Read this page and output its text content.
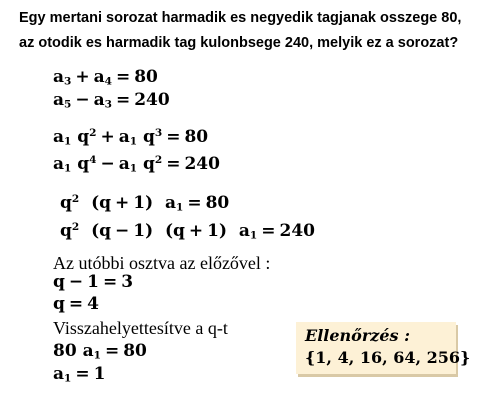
Egy mertani sorozat harmadik es negyedik tagjanak osszege 80,
az otodik es harmadik tag kulonbsege 240, melyik ez a sorozat?
$a_3 + a_4 = 80$
$a_5 - a_3 = 240$
$a_1$ $q^2 + a_1$ $q^3 = 80$
$a_1$ $q^4 - a_1$ $q^2 = 240$
$q^2$ (q + 1) $a_1 = 80$
$q^2$ (q − 1) (q + 1) $a_1 = 240$
Az utóbbi osztva az előzővel :
q − 1 = 3
q = 4
Visszahelyettesítve a q-t
80 $a_1 = 80$
$a_1 = 1$
Ellenőrzés :
{1, 4, 16, 64, 256}
